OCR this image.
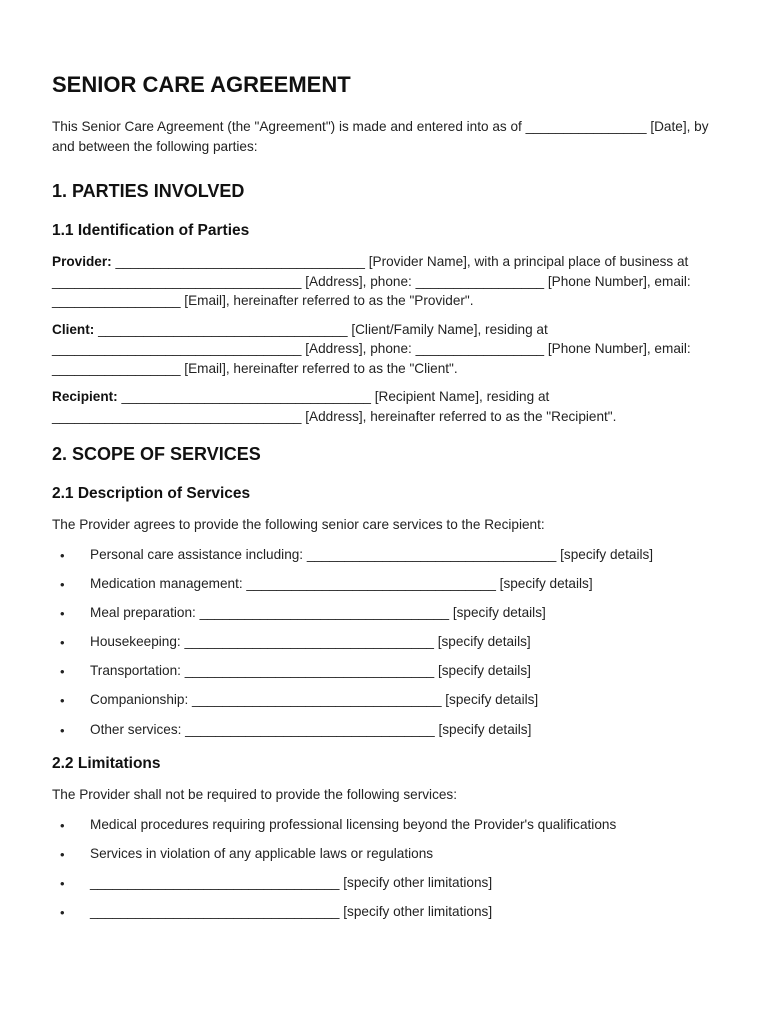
SENIOR CARE AGREEMENT

This Senior Care Agreement (the "Agreement") is made and entered into as of ________________ [Date], by and between the following parties:

1. PARTIES INVOLVED
1.1 Identification of Parties

Provider: _________________________________ [Provider Name], with a principal place of business at _________________________________ [Address], phone: _________________ [Phone Number], email: _________________ [Email], hereinafter referred to as the "Provider".

Client: _________________________________ [Client/Family Name], residing at _________________________________ [Address], phone: _________________ [Phone Number], email: _________________ [Email], hereinafter referred to as the "Client".

Recipient: _________________________________ [Recipient Name], residing at _________________________________ [Address], hereinafter referred to as the "Recipient".

2. SCOPE OF SERVICES
2.1 Description of Services

The Provider agrees to provide the following senior care services to the Recipient:

• Personal care assistance including: _________________________________ [specify details]
• Medication management: _________________________________ [specify details]
• Meal preparation: _________________________________ [specify details]
• Housekeeping: _________________________________ [specify details]
• Transportation: _________________________________ [specify details]
• Companionship: _________________________________ [specify details]
• Other services: _________________________________ [specify details]
2.2 Limitations

The Provider shall not be required to provide the following services:

• Medical procedures requiring professional licensing beyond the Provider's qualifications
• Services in violation of any applicable laws or regulations
• _________________________________ [specify other limitations]
• _________________________________ [specify other limitations]
